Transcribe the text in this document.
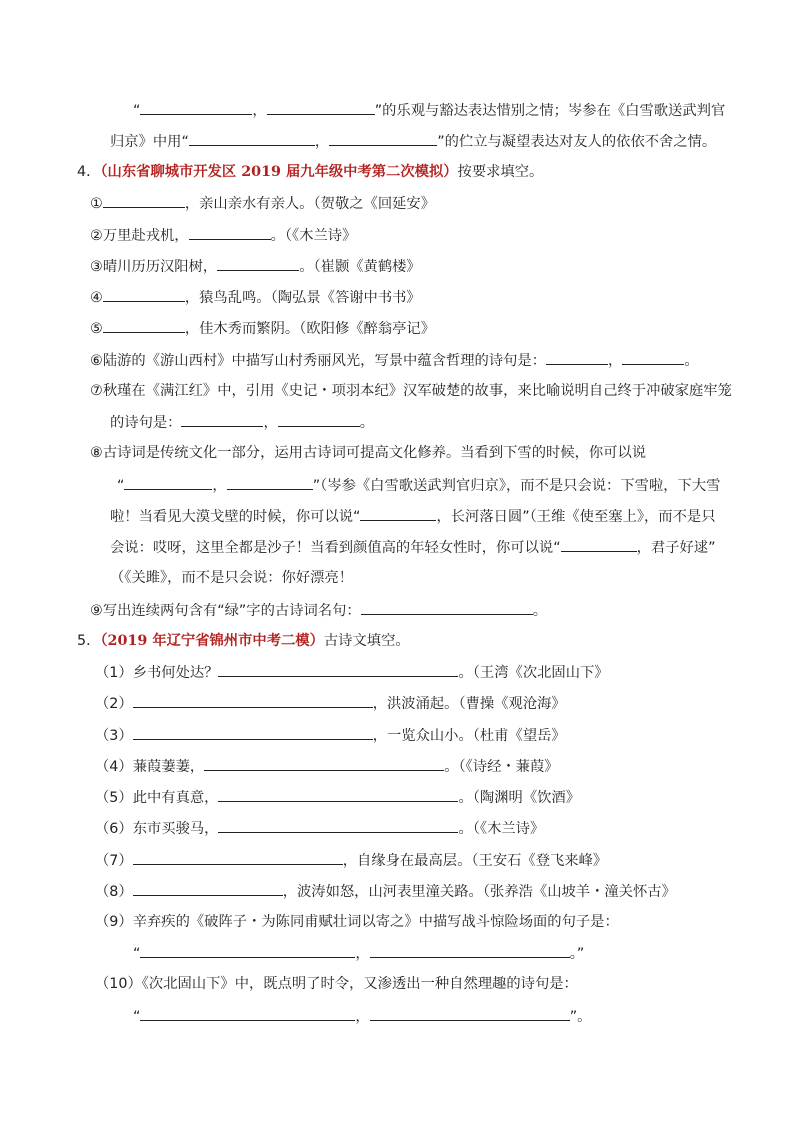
“	，	”的乐观与豁达表达惜别之情；岑参在《白雪歌送武判官
归京》中用“	，	”的伫立与凝望表达对友人的依依不舍之情。
4．（山东省聊城市开发区 2019 届九年级中考第二次模拟）按要求填空。
①	，亲山亲水有亲人。（贺敬之《回延安》
②万里赴戎机，	。（《木兰诗》
③晴川历历汉阳树，	。（崔颢《黄鹤楼》
④	，猿鸟乱鸣。（陶弘景《答谢中书书》
⑤	，佳木秀而繁阴。（欧阳修《醉翁亭记》
⑥陆游的《游山西村》中描写山村秀丽风光，写景中蕴含哲理的诗句是：	，	。
⑦秋瑾在《满江红》中，引用《史记・项羽本纪》汉军破楚的故事，来比喻说明自己终于冲破家庭牢笼
的诗句是：	，	。
⑧古诗词是传统文化一部分，运用古诗词可提高文化修养。当看到下雪的时候，你可以说
“	，	”（岑参《白雪歌送武判官归京》，而不是只会说：下雪啦，下大雪
啦！当看见大漠戈壁的时候，你可以说“	，长河落日圆”（王维《使至塞上》，而不是只
会说：哎呀，这里全都是沙子！当看到颜值高的年轻女性时，你可以说“	，君子好逑”
（《关雎》，而不是只会说：你好漂亮！
⑨写出连续两句含有“绿”字的古诗词名句：	。
5．（2019 年辽宁省锦州市中考二模）古诗文填空。
（1）乡书何处达？	。（王湾《次北固山下》
（2）	，洪波涌起。（曹操《观沧海》
（3）	，一览众山小。（杜甫《望岳》
（4）蒹葭萋萋，	。（《诗经・蒹葭》
（5）此中有真意，	。（陶渊明《饮酒》
（6）东市买骏马，	。（《木兰诗》
（7）	，自缘身在最高层。（王安石《登飞来峰》
（8）	，波涛如怒，山河表里潼关路。（张养浩《山坡羊・潼关怀古》
（9）辛弃疾的《破阵子・为陈同甫赋壮词以寄之》中描写战斗惊险场面的句子是：
“	，	。”
（10）《次北固山下》中，既点明了时令，又渗透出一种自然理趣的诗句是：
“	，	”。
